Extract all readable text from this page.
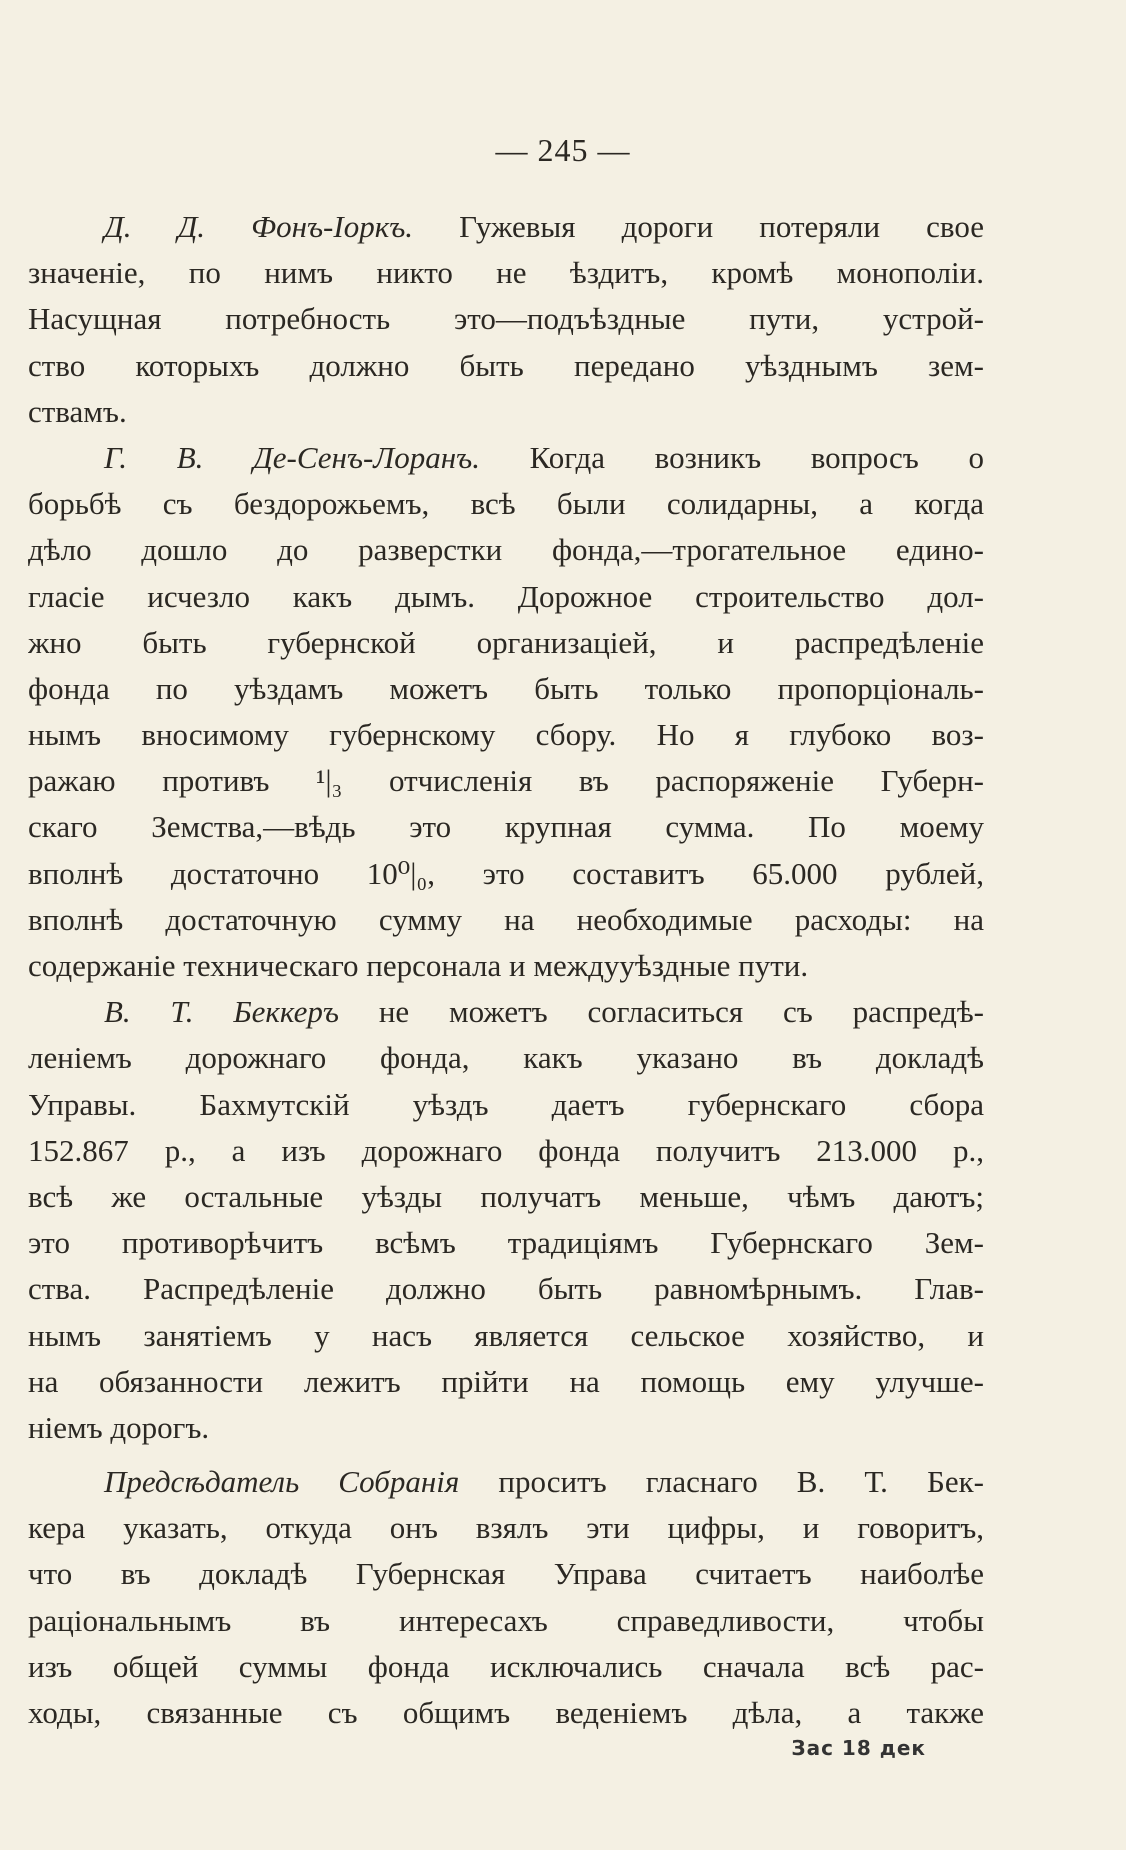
— 245 —
Д. Д. Фонъ-Іоркъ. Гужевыя дороги потеряли свое
значеніе, по нимъ никто не ѣздитъ, кромѣ монополіи.
Насущная потребность это—подъѣздные пути, устрой-
ство которыхъ должно быть передано уѣзднымъ зем-
ствамъ.
Г. В. Де-Сенъ-Лоранъ. Когда возникъ вопросъ о
борьбѣ съ бездорожьемъ, всѣ были солидарны, а когда
дѣло дошло до разверстки фонда,—трогательное едино-
гласіе исчезло какъ дымъ. Дорожное строительство дол-
жно быть губернской организаціей, и распредѣленіе
фонда по уѣздамъ можетъ быть только пропорціональ-
нымъ вносимому губернскому сбору. Но я глубоко воз-
ражаю противъ ¹|₃ отчисленія въ распоряженіе Губерн-
скаго Земства,—вѣдь это крупная сумма. По моему
вполнѣ достаточно 10⁰|₀, это составитъ 65.000 рублей,
вполнѣ достаточную сумму на необходимые расходы: на
содержаніе техническаго персонала и междууѣздные пути.
В. Т. Беккеръ не можетъ согласиться съ распредѣ-
леніемъ дорожнаго фонда, какъ указано въ докладѣ
Управы. Бахмутскій уѣздъ даетъ губернскаго сбора
152.867 р., а изъ дорожнаго фонда получитъ 213.000 р.,
всѣ же остальные уѣзды получатъ меньше, чѣмъ даютъ;
это противорѣчитъ всѣмъ традиціямъ Губернскаго Зем-
ства. Распредѣленіе должно быть равномѣрнымъ. Глав-
нымъ занятіемъ у насъ является сельское хозяйство, и
на обязанности лежитъ прійти на помощь ему улучше-
ніемъ дорогъ.
Предсѣдатель Собранія проситъ гласнаго В. Т. Бек-
кера указать, откуда онъ взялъ эти цифры, и говоритъ,
что въ докладѣ Губернская Управа считаетъ наиболѣе
раціональнымъ въ интересахъ справедливости, чтобы
изъ общей суммы фонда исключались сначала всѣ рас-
ходы, связанные съ общимъ веденіемъ дѣла, а также
Зас 18 дек
